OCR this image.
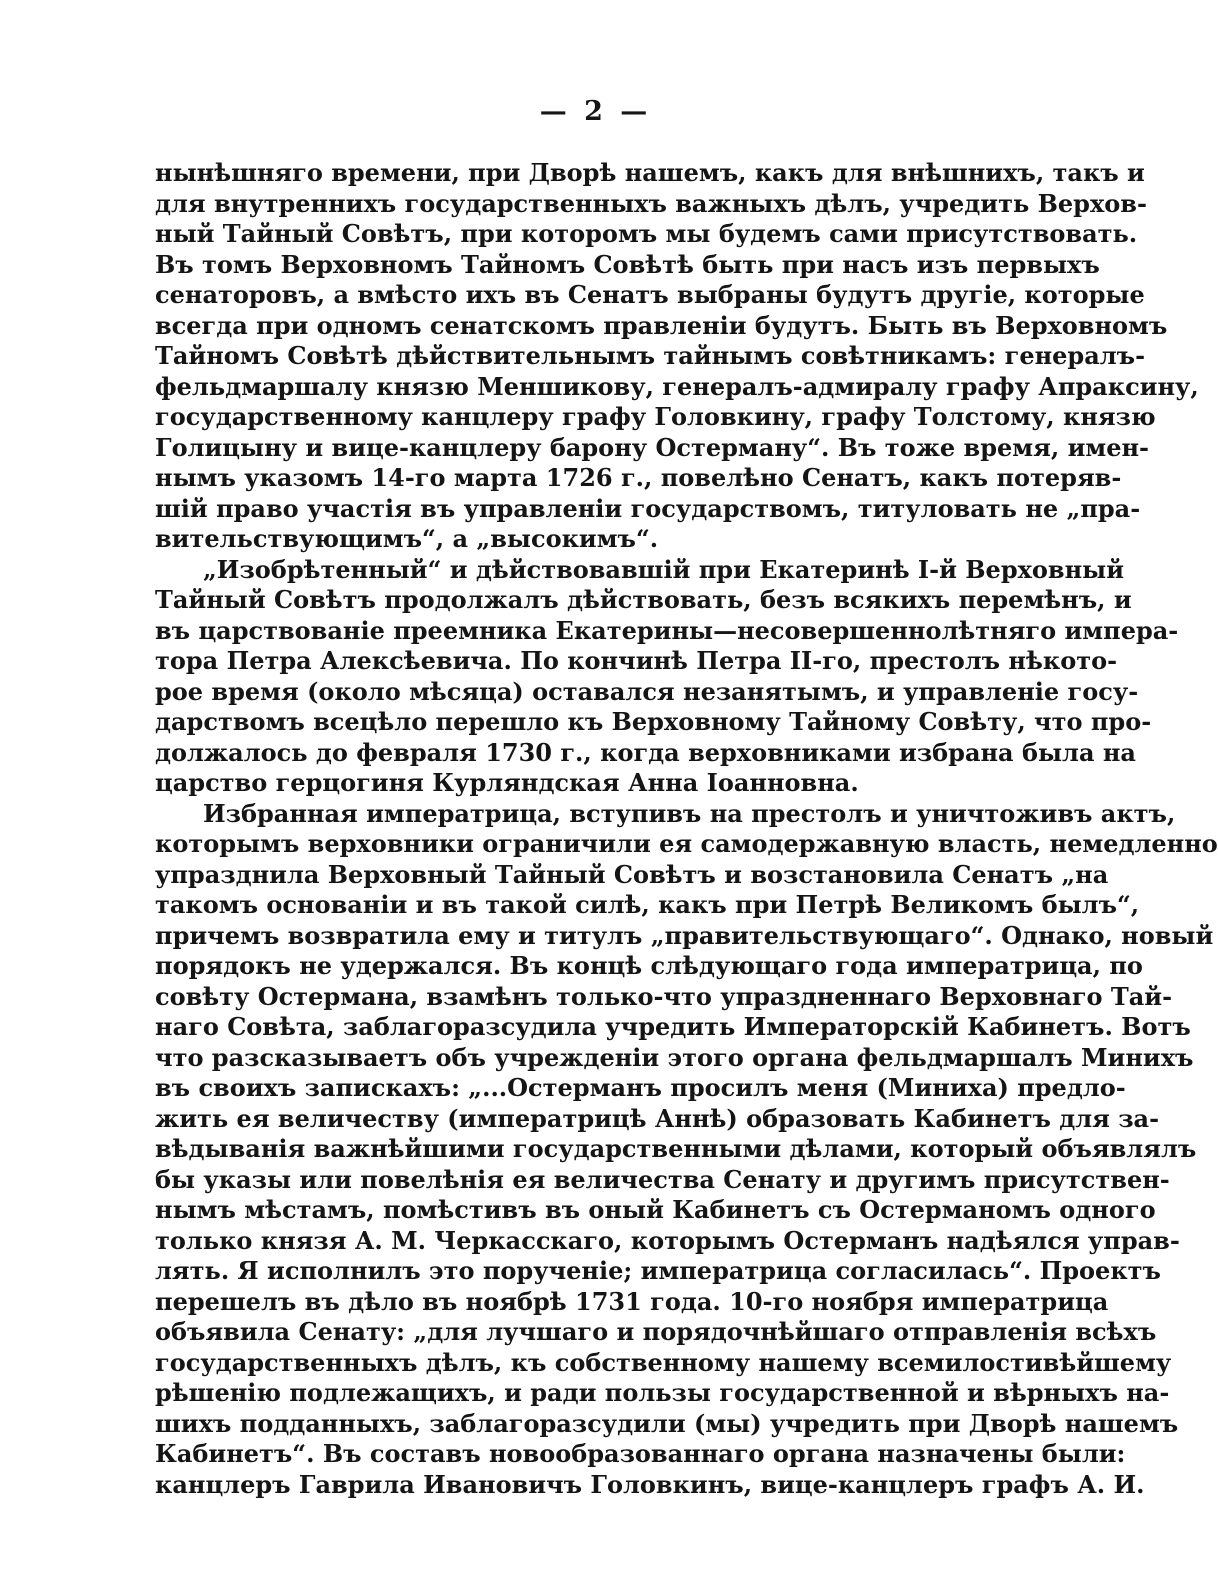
— 2 —
нынѣшняго времени, при Дворѣ нашемъ, какъ для внѣшнихъ, такъ и
для внутреннихъ государственныхъ важныхъ дѣлъ, учредить Верхов-
ный Тайный Совѣтъ, при которомъ мы будемъ сами присутствовать.
Въ томъ Верховномъ Тайномъ Совѣтѣ быть при насъ изъ первыхъ
сенаторовъ, а вмѣсто ихъ въ Сенатъ выбраны будутъ другіе, которые
всегда при одномъ сенатскомъ правленіи будутъ. Быть въ Верховномъ
Тайномъ Совѣтѣ дѣйствительнымъ тайнымъ совѣтникамъ: генералъ-
фельдмаршалу князю Меншикову, генералъ-адмиралу графу Апраксину,
государственному канцлеру графу Головкину, графу Толстому, князю
Голицыну и вице-канцлеру барону Остерману“. Въ тоже время, имен-
нымъ указомъ 14-го марта 1726 г., повелѣно Сенатъ, какъ потеряв-
шій право участія въ управленіи государствомъ, титуловать не „пра-
вительствующимъ“, а „высокимъ“.
„Изобрѣтенный“ и дѣйствовавшій при Екатеринѣ I-й Верховный
Тайный Совѣтъ продолжалъ дѣйствовать, безъ всякихъ перемѣнъ, и
въ царствованіе преемника Екатерины—несовершеннолѣтняго импера-
тора Петра Алексѣевича. По кончинѣ Петра II-го, престолъ нѣкото-
рое время (около мѣсяца) оставался незанятымъ, и управленіе госу-
дарствомъ всецѣло перешло къ Верховному Тайному Совѣту, что про-
должалось до февраля 1730 г., когда верховниками избрана была на
царство герцогиня Курляндская Анна Іоанновна.
Избранная императрица, вступивъ на престолъ и уничтоживъ актъ,
которымъ верховники ограничили ея самодержавную власть, немедленно
упразднила Верховный Тайный Совѣтъ и возстановила Сенатъ „на
такомъ основаніи и въ такой силѣ, какъ при Петрѣ Великомъ былъ“,
причемъ возвратила ему и титулъ „правительствующаго“. Однако, новый
порядокъ не удержался. Въ концѣ слѣдующаго года императрица, по
совѣту Остермана, взамѣнъ только-что упраздненнаго Верховнаго Тай-
наго Совѣта, заблагоразсудила учредить Императорскій Кабинетъ. Вотъ
что разсказываетъ объ учрежденіи этого органа фельдмаршалъ Минихъ
въ своихъ запискахъ: „...Остерманъ просилъ меня (Миниха) предло-
жить ея величеству (императрицѣ Аннѣ) образовать Кабинетъ для за-
вѣдыванія важнѣйшими государственными дѣлами, который объявлялъ
бы указы или повелѣнія ея величества Сенату и другимъ присутствен-
нымъ мѣстамъ, помѣстивъ въ оный Кабинетъ съ Остерманомъ одного
только князя А. М. Черкасскаго, которымъ Остерманъ надѣялся управ-
лять. Я исполнилъ это порученіе; императрица согласилась“. Проектъ
перешелъ въ дѣло въ ноябрѣ 1731 года. 10-го ноября императрица
объявила Сенату: „для лучшаго и порядочнѣйшаго отправленія всѣхъ
государственныхъ дѣлъ, къ собственному нашему всемилостивѣйшему
рѣшенію подлежащихъ, и ради пользы государственной и вѣрныхъ на-
шихъ подданныхъ, заблагоразсудили (мы) учредить при Дворѣ нашемъ
Кабинетъ“. Въ составъ новообразованнаго органа назначены были:
канцлеръ Гаврила Ивановичъ Головкинъ, вице-канцлеръ графъ А. И.
